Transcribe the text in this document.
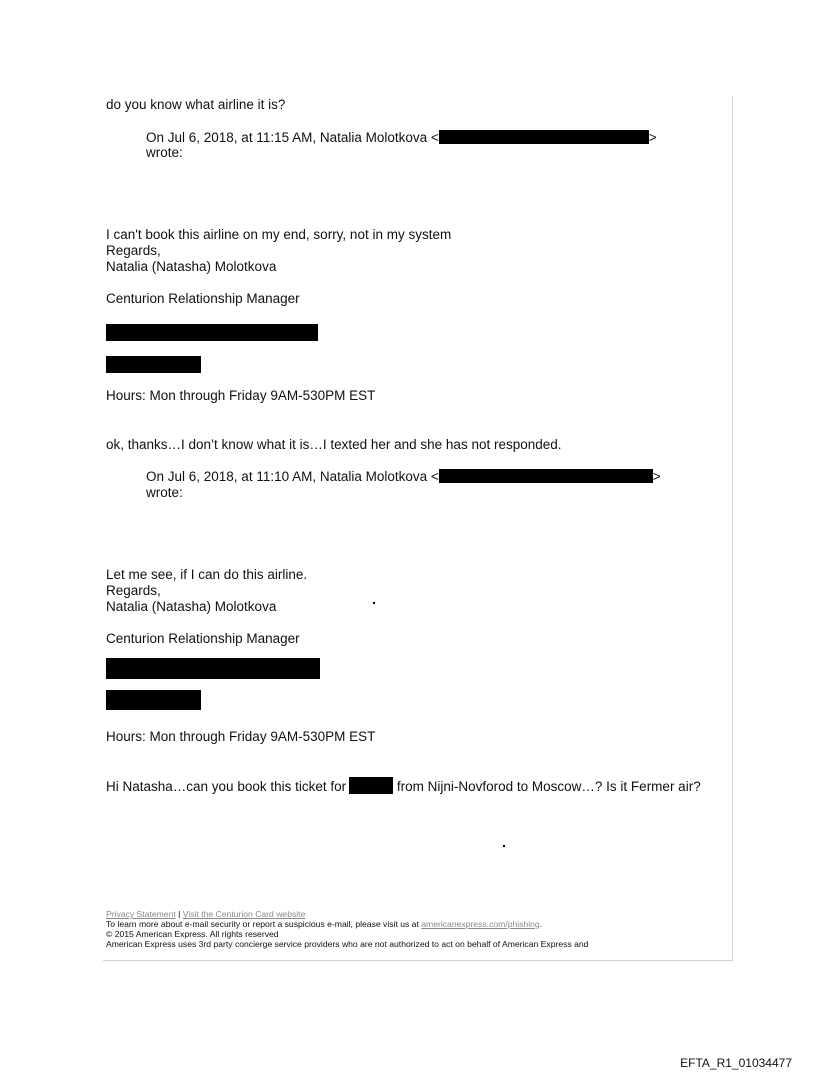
do you know what airline it is?
On Jul 6, 2018, at 11:15 AM, Natalia Molotkova <	>
wrote:
I can't book this airline on my end, sorry, not in my system
Regards,
Natalia (Natasha) Molotkova
Centurion Relationship Manager
Hours: Mon through Friday 9AM-530PM EST
ok, thanks…I don’t know what it is…I texted her and she has not responded.
On Jul 6, 2018, at 11:10 AM, Natalia Molotkova <	>
wrote:
Let me see, if I can do this airline.
Regards,
Natalia (Natasha) Molotkova
Centurion Relationship Manager
Hours: Mon through Friday 9AM-530PM EST
Hi Natasha…can you book this ticket for	from Nijni-Novforod to Moscow…? Is it Fermer air?
Privacy Statement | Visit the Centurion Card website
To learn more about e-mail security or report a suspicious e-mail, please visit us at americanexpress.com/phishing.
© 2015 American Express. All rights reserved
American Express uses 3rd party concierge service providers who are not authorized to act on behalf of American Express and
EFTA_R1_01034477
